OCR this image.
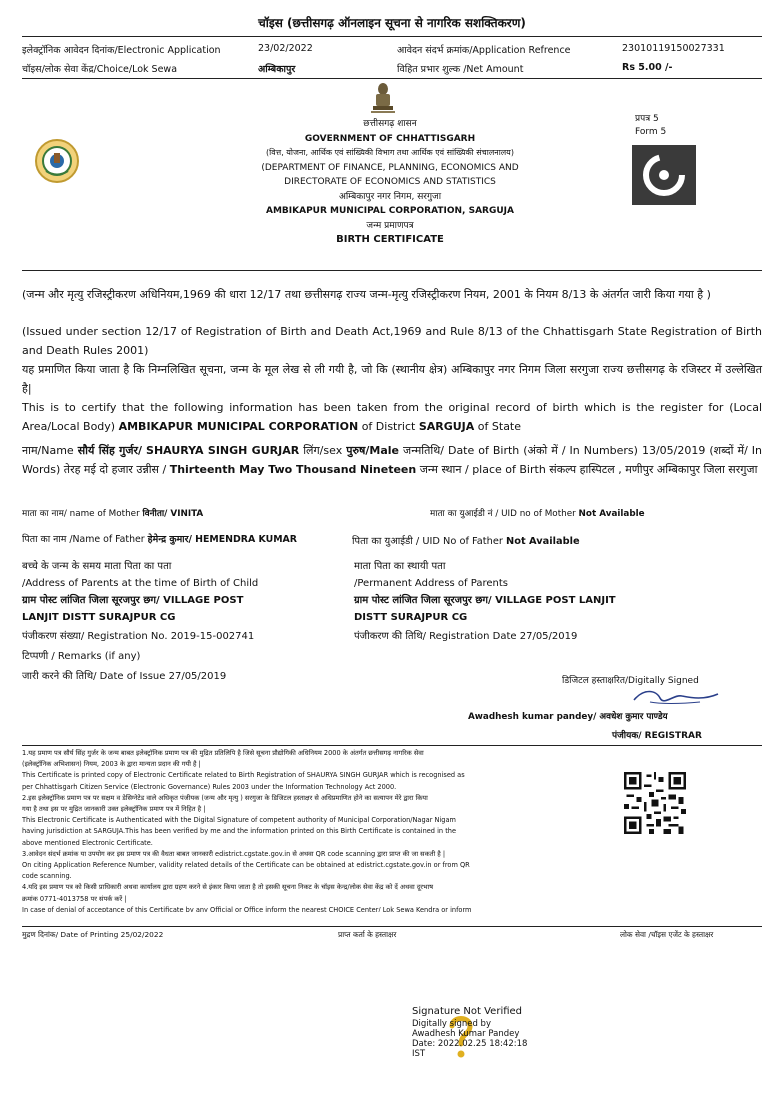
चॉइस (छत्तीसगढ़ ऑनलाइन सूचना से नागरिक सशक्तिकरण)
इलेक्ट्रॉनिक आवेदन दिनांक/Electronic Application	23/02/2022	आवेदन संदर्भ क्रमांक/Application Refrence	23010119150027331
चॉइस/लोक सेवा केंद्र/Choice/Lok Sewa	अम्बिकापुर	विहित प्रभार शुल्क /Net Amount	Rs 5.00 /-
प्रपत्र 5
Form 5
छत्तीसगढ़ शासन
GOVERNMENT OF CHHATTISGARH
(वित्त, योजना, आर्थिक एवं सांख्यिकी विभाग तथा आर्थिक एवं सांख्यिकी संचालनालय)
(DEPARTMENT OF FINANCE, PLANNING, ECONOMICS AND
DIRECTORATE OF ECONOMICS AND STATISTICS
अम्बिकापुर नगर निगम, सरगुजा
AMBIKAPUR MUNICIPAL CORPORATION, SARGUJA
जन्म प्रमाणपत्र
BIRTH CERTIFICATE
(जन्म और मृत्यु रजिस्ट्रीकरण अधिनियम,1969 की धारा 12/17 तथा छत्तीसगढ़ राज्य जन्म-मृत्यु रजिस्ट्रीकरण नियम, 2001 के नियम 8/13 के अंतर्गत जारी किया गया है )
(Issued under section 12/17 of Registration of Birth and Death Act,1969 and Rule 8/13 of the Chhattisgarh State Registration of Birth and Death Rules 2001)
यह प्रमाणित किया जाता है कि निम्नलिखित सूचना, जन्म के मूल लेख से ली गयी है, जो कि (स्थानीय क्षेत्र) अम्बिकापुर नगर निगम जिला सरगुजा राज्य छत्तीसगढ़ के रजिस्टर में उल्लेखित है|
This is to certify that the following information has been taken from the original record of birth which is the register for (Local Area/Local Body) AMBIKAPUR MUNICIPAL CORPORATION of District SARGUJA of State
नाम/Name सौर्य सिंह गुर्जर/ SHAURYA SINGH GURJAR लिंग/sex पुरुष/Male जन्मतिथि/ Date of Birth (अंको में / In Numbers) 13/05/2019 (शब्दों में/ In Words) तेरह मई दो हजार उन्नीस / Thirteenth May Two Thousand Nineteen जन्म स्थान / place of Birth संकल्प हास्पिटल , मणीपुर अम्बिकापुर जिला सरगुजा
माता का नाम/ name of Mother विनीता/ VINITA	माता का युआईडी नं / UID no of Mother Not Available
पिता का नाम /Name of Father हेमेन्द्र कुमार/ HEMENDRA KUMAR	पिता का युआईडी / UID No of Father Not Available
बच्चे के जन्म के समय माता पिता का पता
/Address of Parents at the time of Birth of Child
ग्राम पोस्ट लांजित जिला सूरजपुर छग/ VILLAGE POST
LANJIT DISTT SURAJPUR CG
माता पिता का स्थायी पता
/Permanent Address of Parents
ग्राम पोस्ट लांजित जिला सूरजपुर छग/ VILLAGE POST LANJIT
DISTT SURAJPUR CG
पंजीकरण संख्या/ Registration No. 2019-15-002741	पंजीकरण की तिथि/ Registration Date 27/05/2019
टिप्पणी / Remarks (if any)
जारी करने की तिथि/ Date of Issue 27/05/2019	डिजिटल हस्ताक्षरित/Digitally Signed
Awadhesh kumar pandey/ अवधेश कुमार पाण्डेय
पंजीयक/ REGISTRAR
1.यह प्रमाण पत्र सौर्य सिंह गुर्जर के जन्म बाबत इलेक्ट्रॉनिक प्रमाण पत्र की मुद्रित प्रतिलिपि है जिसे सूचना प्रौद्योगिकी अधिनियम 2000 के अंतर्गत छत्तीसगढ़ नागरिक सेवा
(इलेक्ट्रॉनिक अभिशासन) नियम, 2003 के द्वारा मान्यता प्रदान की गयी है |
This Certificate is printed copy of Electronic Certificate related to Birth Registration of SHAURYA SINGH GURJAR which is recognised as
per Chhattisgarh Citizen Service (Electronic Governance) Rules 2003 under the Information Technology Act 2000.
2.इस इलेक्ट्रॉनिक प्रमाण पत्र पर सक्षम व डेसिग्नेटेड वाले अधिकृत पंजीयक (जन्म और मृत्यु ) सरगुजा के डिजिटल हस्ताक्षर से अधिप्रमाणित होने का सत्यापन मेरे द्वारा किया
गया है तथा इस पर मुद्रित जानकारी उक्त इलेक्ट्रॉनिक प्रमाण पत्र में निहित है |
This Electronic Certificate is Authenticated with the Digital Signature of competent authority of Municipal Corporation/Nagar Nigam
having jurisdiction at SARGUJA.This has been verified by me and the information printed on this Birth Certificate is contained in the
above mentioned Electronic Certificate.
3.आवेदन संदर्भ क्रमांक या उपयोग कर इस प्रमाण पत्र की वैधता बाबत जानकारी edistrict.cgstate.gov.in से अथवा QR code scanning द्वारा प्राप्त की जा सकती है |
On citing Application Reference Number, validity related details of the Certificate can be obtained at edistrict.cgstate.gov.in or from QR
code scanning.
4.यदि इस प्रमाण पत्र को किसी प्राधिकारी अथवा कार्यालय द्वारा ग्रहण करने से इंकार किया जाता है तो इसकी सूचना निकट के चॉइस केन्द्र/लोक सेवा केंद्र को दें अथवा दूरभाष
क्रमांक 0771-4013758 पर संपर्क करें |
In case of denial of acceptance of this Certificate by any Official or Office inform the nearest CHOICE Center/ Lok Sewa Kendra or inform
मुद्रण दिनांक/ Date of Printing 25/02/2022	प्राप्त कर्ता के हस्ताक्षर	लोक सेवा /चॉइस एजेंट के हस्ताक्षर
Signature Not Verified
Digitally signed by
Awadhesh Kumar Pandey
Date: 2022.02.25 18:42:18
IST
